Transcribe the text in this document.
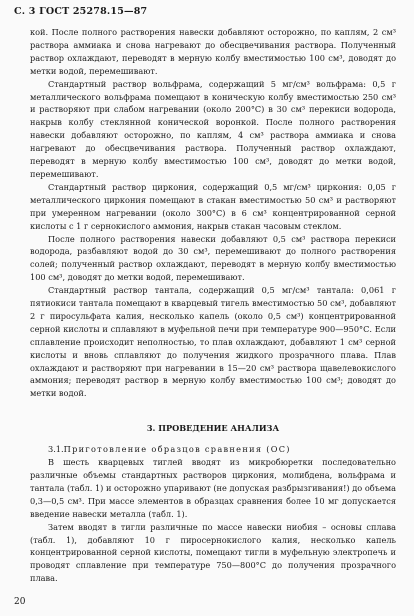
С. 3 ГОСТ 25278.15—87

кой. После полного растворения навески добавляют осторожно, по каплям, 2 см³ раствора аммиака и снова нагревают до обесцвечивания раствора. Полученный раствор охлаждают, переводят в мерную колбу вместимостью 100 см³, доводят до метки водой, перемешивают.

Стандартный раствор вольфрама, содержащий 5 мг/см³ вольфрама: 0,5 г металлического вольфрама помещают в коническую колбу вместимостью 250 см³ и растворяют при слабом нагревании (около 200°С) в 30 см³ перекиси водорода, накрыв колбу стеклянной конической воронкой. После полного растворения навески добавляют осторожно, по каплям, 4 см³ раствора аммиака и снова нагревают до обесцвечивания раствора. Полученный раствор охлаждают, переводят в мерную колбу вместимостью 100 см³, доводят до метки водой, перемешивают.

Стандартный раствор циркония, содержащий 0,5 мг/см³ циркония: 0,05 г металлического циркония помещают в стакан вместимостью 50 см³ и растворяют при умеренном нагревании (около 300°С) в 6 см³ концентрированной серной кислоты с 1 г сернокислого аммония, накрыв стакан часовым стеклом.

После полного растворения навески добавляют 0,5 см³ раствора перекиси водорода, разбавляют водой до 30 см³, перемешивают до полного растворения солей; полученный раствор охлаждают, переводят в мерную колбу вместимостью 100 см³, доводят до метки водой, перемешивают.

Стандартный раствор тантала, содержащий 0,5 мг/см³ тантала: 0,061 г пятиокиси тантала помещают в кварцевый тигель вместимостью 50 см³, добавляют 2 г пиросульфата калия, несколько капель (около 0,5 см³) концентрированной серной кислоты и сплавляют в муфельной печи при температуре 900—950°С. Если сплавление происходит неполностью, то плав охлаждают, добавляют 1 см³ серной кислоты и вновь сплавляют до получения жидкого прозрачного плава. Плав охлаждают и растворяют при нагревании в 15—20 см³ раствора щавелевокислого аммония; переводят раствор в мерную колбу вместимостью 100 см³; доводят до метки водой.

3. ПРОВЕДЕНИЕ АНАЛИЗА

3.1.Приготовление образцов сравнения (ОС)

В шесть кварцевых тиглей вводят из микробюретки последовательно различные объемы стандартных растворов циркония, молибдена, вольфрама и тантала (табл. 1) и осторожно упаривают (не допуская разбрызгивания!) до объема 0,3—0,5 см³. При массе элементов в образцах сравнения более 10 мг допускается введение навески металла (табл. 1).

Затем вводят в тигли различные по массе навески ниобия – основы сплава (табл. 1), добавляют 10 г пиросернокислого калия, несколько капель концентрированной серной кислоты, помещают тигли в муфельную электропечь и проводят сплавление при температуре 750—800°С до получения прозрачного плава.

20
